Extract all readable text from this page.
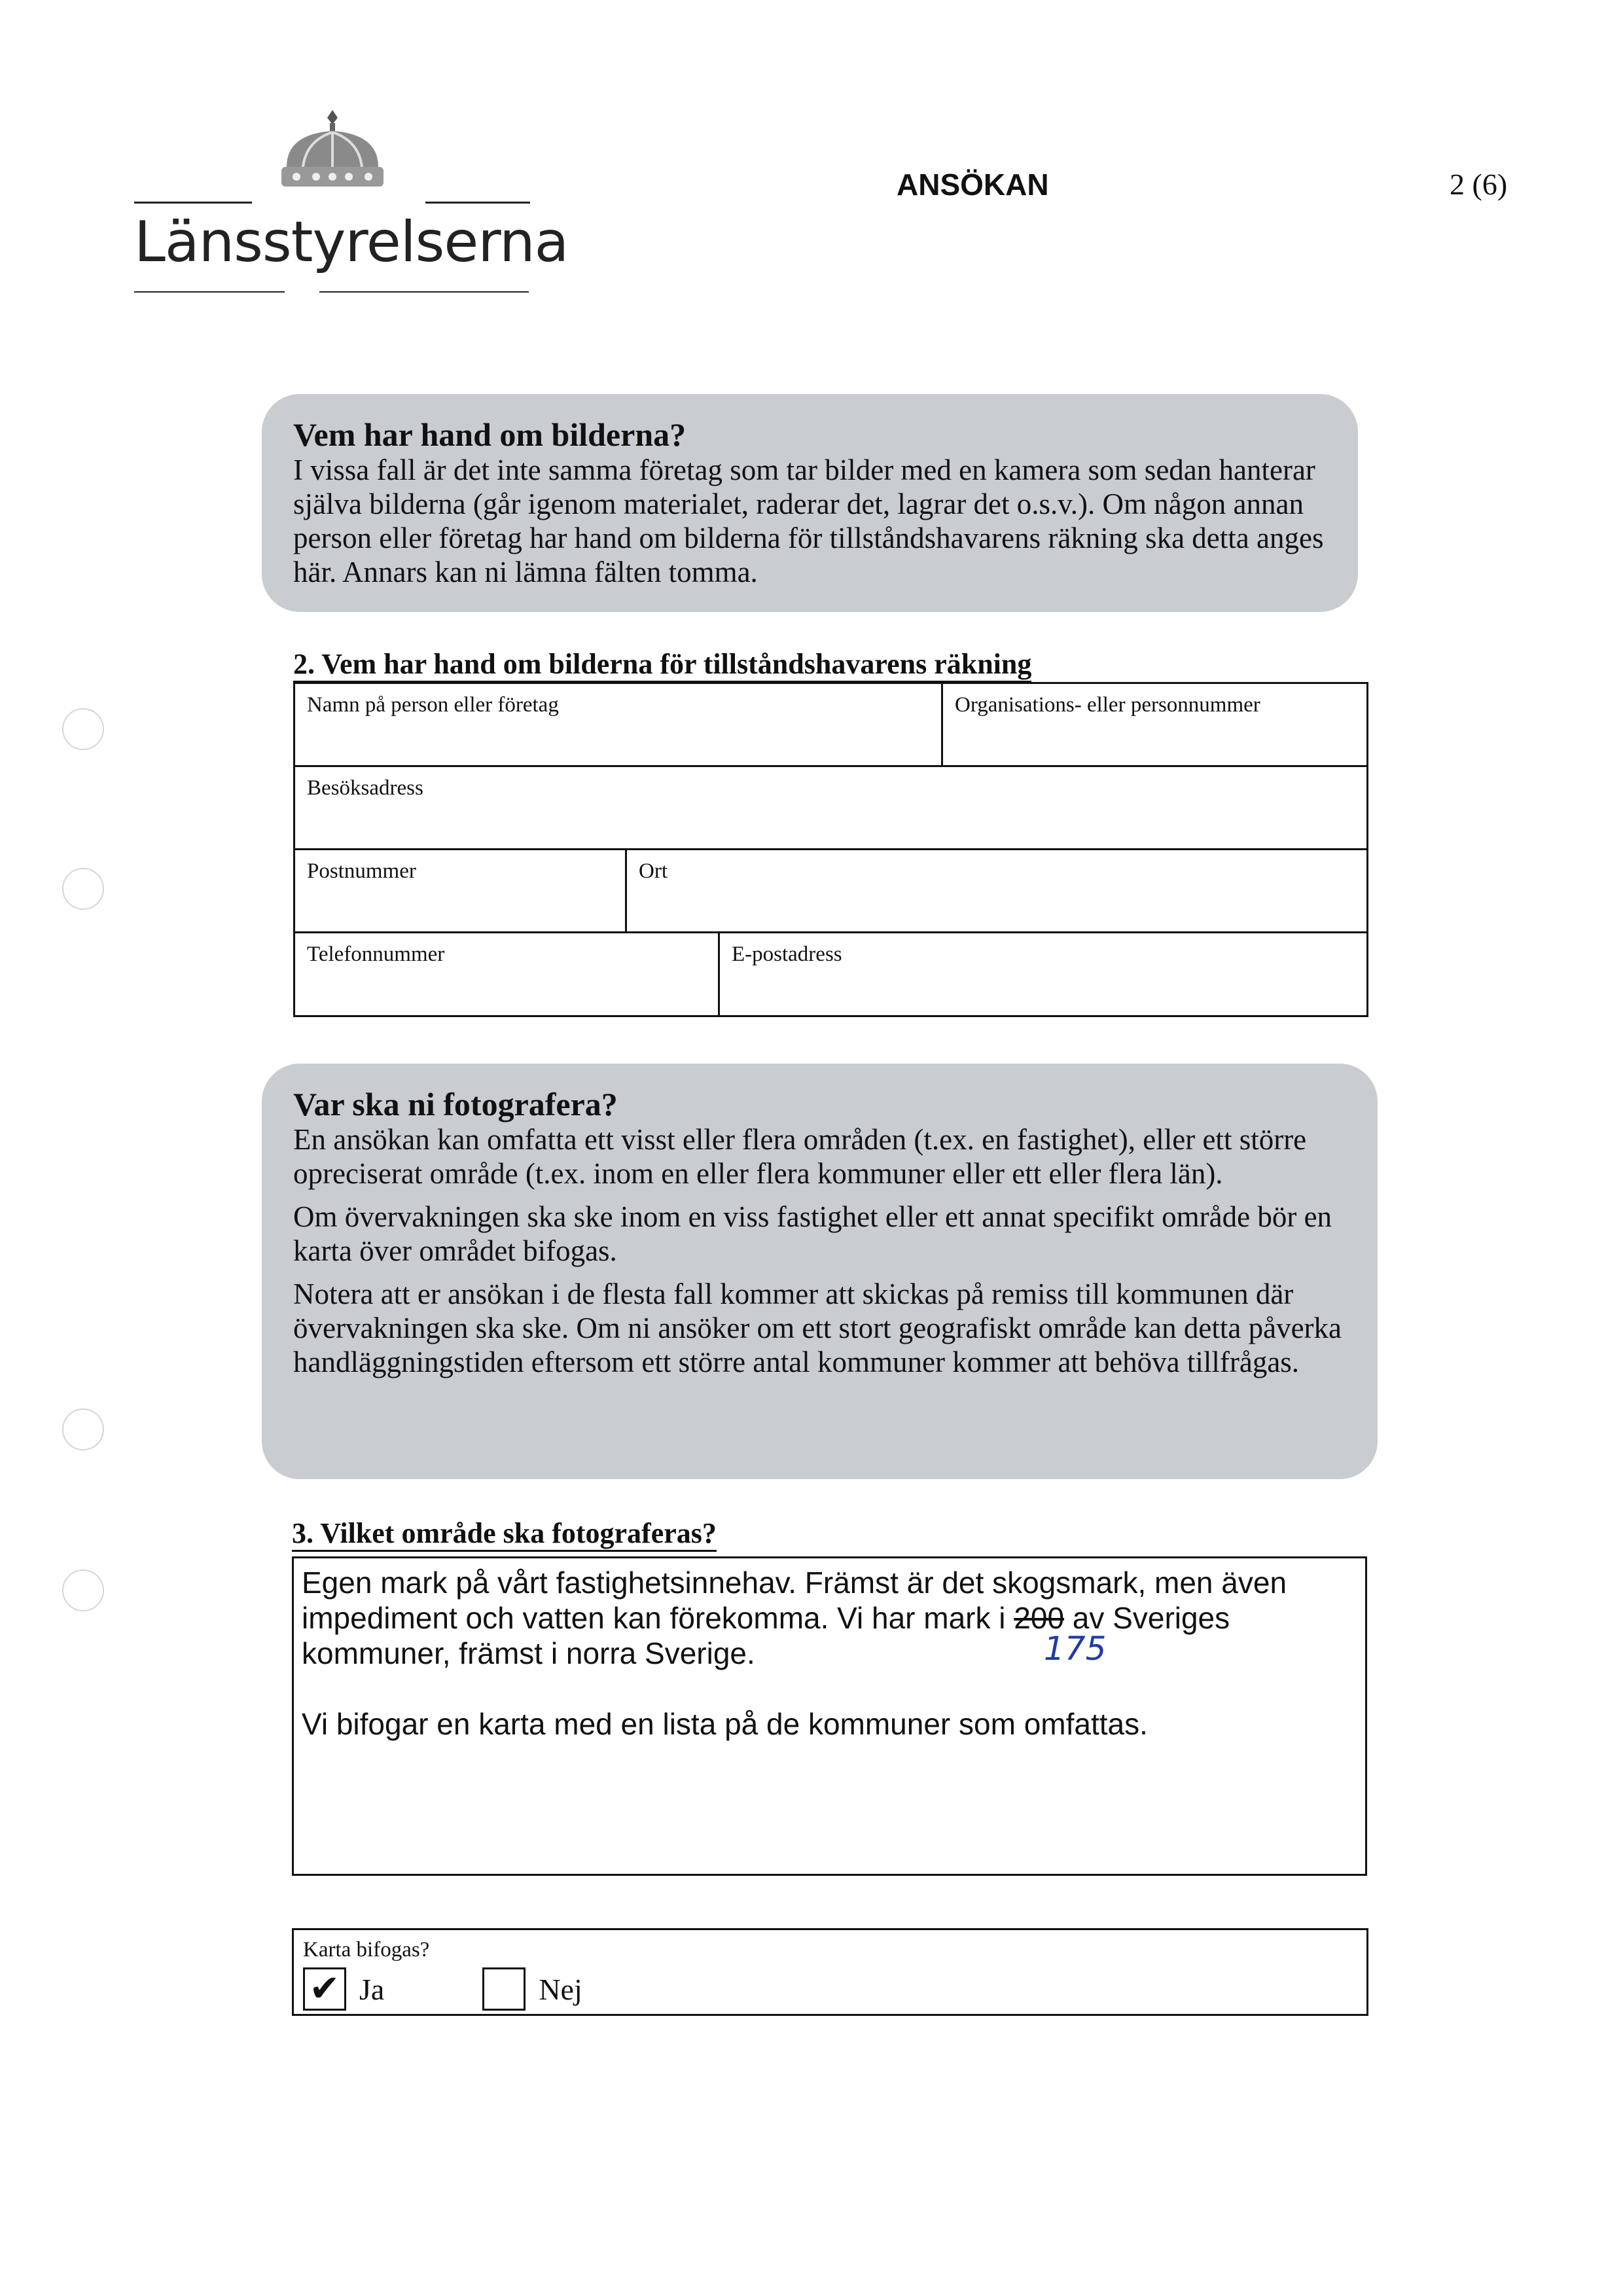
Länsstyrelserna
ANSÖKAN	2 (6)
Vem har hand om bilderna?

I vissa fall är det inte samma företag som tar bilder med en kamera som sedan hanterar själva bilderna (går igenom materialet, raderar det, lagrar det o.s.v.). Om någon annan person eller företag har hand om bilderna för tillståndshavarens räkning ska detta anges här. Annars kan ni lämna fälten tomma.

2. Vem har hand om bilderna för tillståndshavarens räkning
Namn på person eller företag	Organisations- eller personnummer
Besöksadress
Postnummer	Ort
Telefonnummer	E-postadress
Var ska ni fotografera?

En ansökan kan omfatta ett visst eller flera områden (t.ex. en fastighet), eller ett större opreciserat område (t.ex. inom en eller flera kommuner eller ett eller flera län).

Om övervakningen ska ske inom en viss fastighet eller ett annat specifikt område bör en karta över området bifogas.

Notera att er ansökan i de flesta fall kommer att skickas på remiss till kommunen där övervakningen ska ske. Om ni ansöker om ett stort geografiskt område kan detta påverka handläggningstiden eftersom ett större antal kommuner kommer att behöva tillfrågas.

3. Vilket område ska fotograferas?

Egen mark på vårt fastighetsinnehav. Främst är det skogsmark, men även impediment och vatten kan förekomma. Vi har mark i 200 av Sveriges kommuner, främst i norra Sverige.

Vi bifogar en karta med en lista på de kommuner som omfattas.

175
Karta bifogas?
✔ Ja	Nej
